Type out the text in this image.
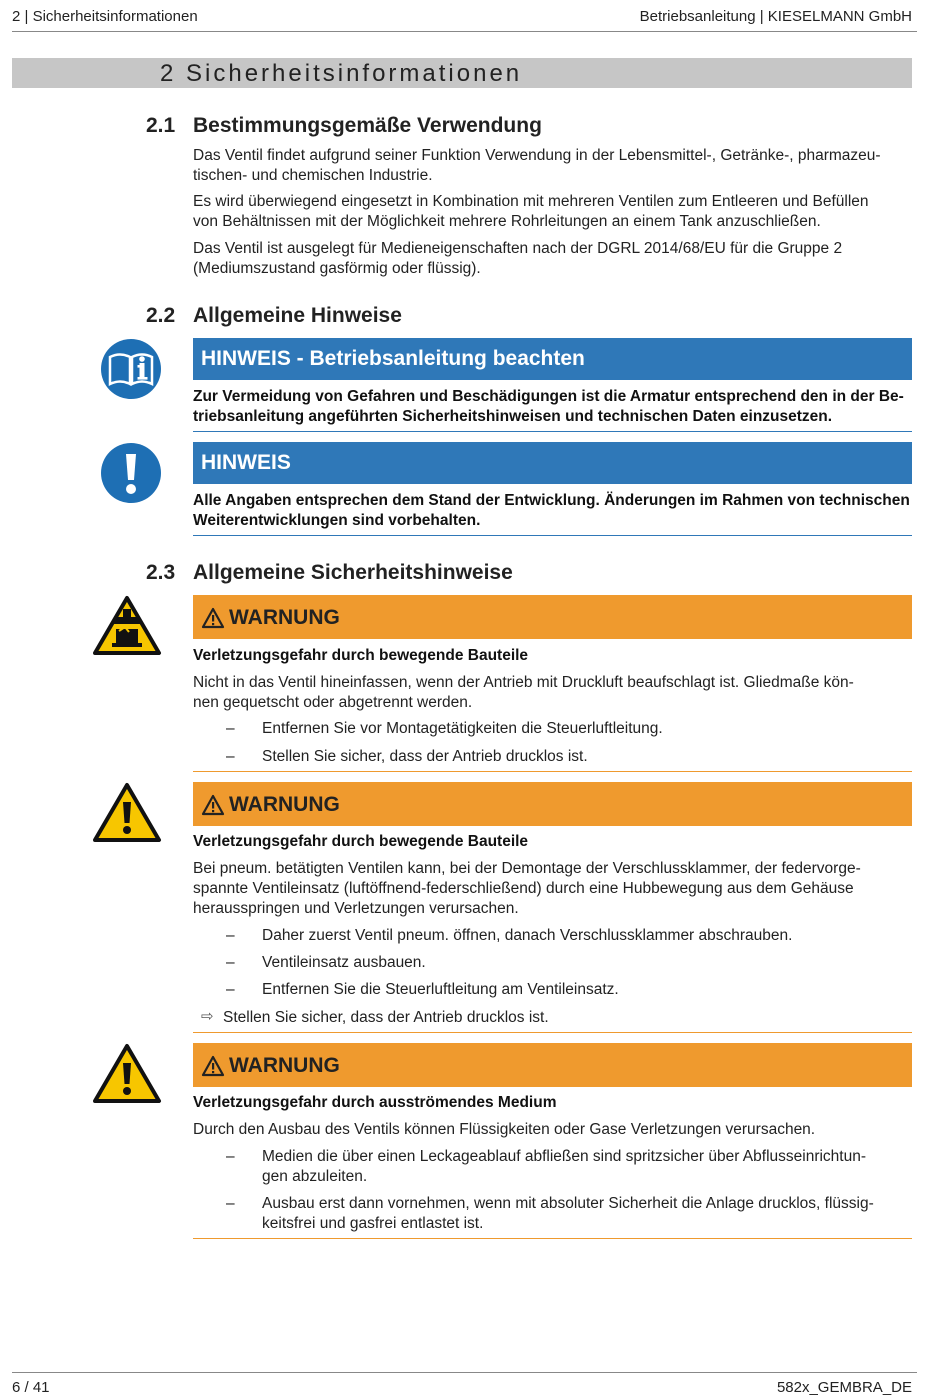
2 | Sicherheitsinformationen	Betriebsanleitung | KIESELMANN GmbH
2 Sicherheitsinformationen
2.1 Bestimmungsgemäße Verwendung
Das Ventil findet aufgrund seiner Funktion Verwendung in der Lebensmittel-, Getränke-, pharmazeu-
tischen- und chemischen Industrie.
Es wird überwiegend eingesetzt in Kombination mit mehreren Ventilen zum Entleeren und Befüllen
von Behältnissen mit der Möglichkeit mehrere Rohrleitungen an einem Tank anzuschließen.
Das Ventil ist ausgelegt für Medieneigenschaften nach der DGRL 2014/68/EU für die Gruppe 2
(Mediumszustand gasförmig oder flüssig).
2.2 Allgemeine Hinweise
HINWEIS - Betriebsanleitung beachten
Zur Vermeidung von Gefahren und Beschädigungen ist die Armatur entsprechend den in der Be-
triebsanleitung angeführten Sicherheitshinweisen und technischen Daten einzusetzen.
HINWEIS
Alle Angaben entsprechen dem Stand der Entwicklung. Änderungen im Rahmen von technischen
Weiterentwicklungen sind vorbehalten.
2.3 Allgemeine Sicherheitshinweise
WARNUNG
Verletzungsgefahr durch bewegende Bauteile
Nicht in das Ventil hineinfassen, wenn der Antrieb mit Druckluft beaufschlagt ist. Gliedmaße kön-
nen gequetscht oder abgetrennt werden.
– Entfernen Sie vor Montagetätigkeiten die Steuerluftleitung.
– Stellen Sie sicher, dass der Antrieb drucklos ist.
WARNUNG
Verletzungsgefahr durch bewegende Bauteile
Bei pneum. betätigten Ventilen kann, bei der Demontage der Verschlussklammer, der federvorge-
spannte Ventileinsatz (luftöffnend-federschließend) durch eine Hubbewegung aus dem Gehäuse
herausspringen und Verletzungen verursachen.
– Daher zuerst Ventil pneum. öffnen, danach Verschlussklammer abschrauben.
– Ventileinsatz ausbauen.
– Entfernen Sie die Steuerluftleitung am Ventileinsatz.
⇨ Stellen Sie sicher, dass der Antrieb drucklos ist.
WARNUNG
Verletzungsgefahr durch ausströmendes Medium
Durch den Ausbau des Ventils können Flüssigkeiten oder Gase Verletzungen verursachen.
– Medien die über einen Leckageablauf abfließen sind spritzsicher über Abflusseinrichtun-
gen abzuleiten.
– Ausbau erst dann vornehmen, wenn mit absoluter Sicherheit die Anlage drucklos, flüssig-
keitsfrei und gasfrei entlastet ist.
6 / 41	582x_GEMBRA_DE
